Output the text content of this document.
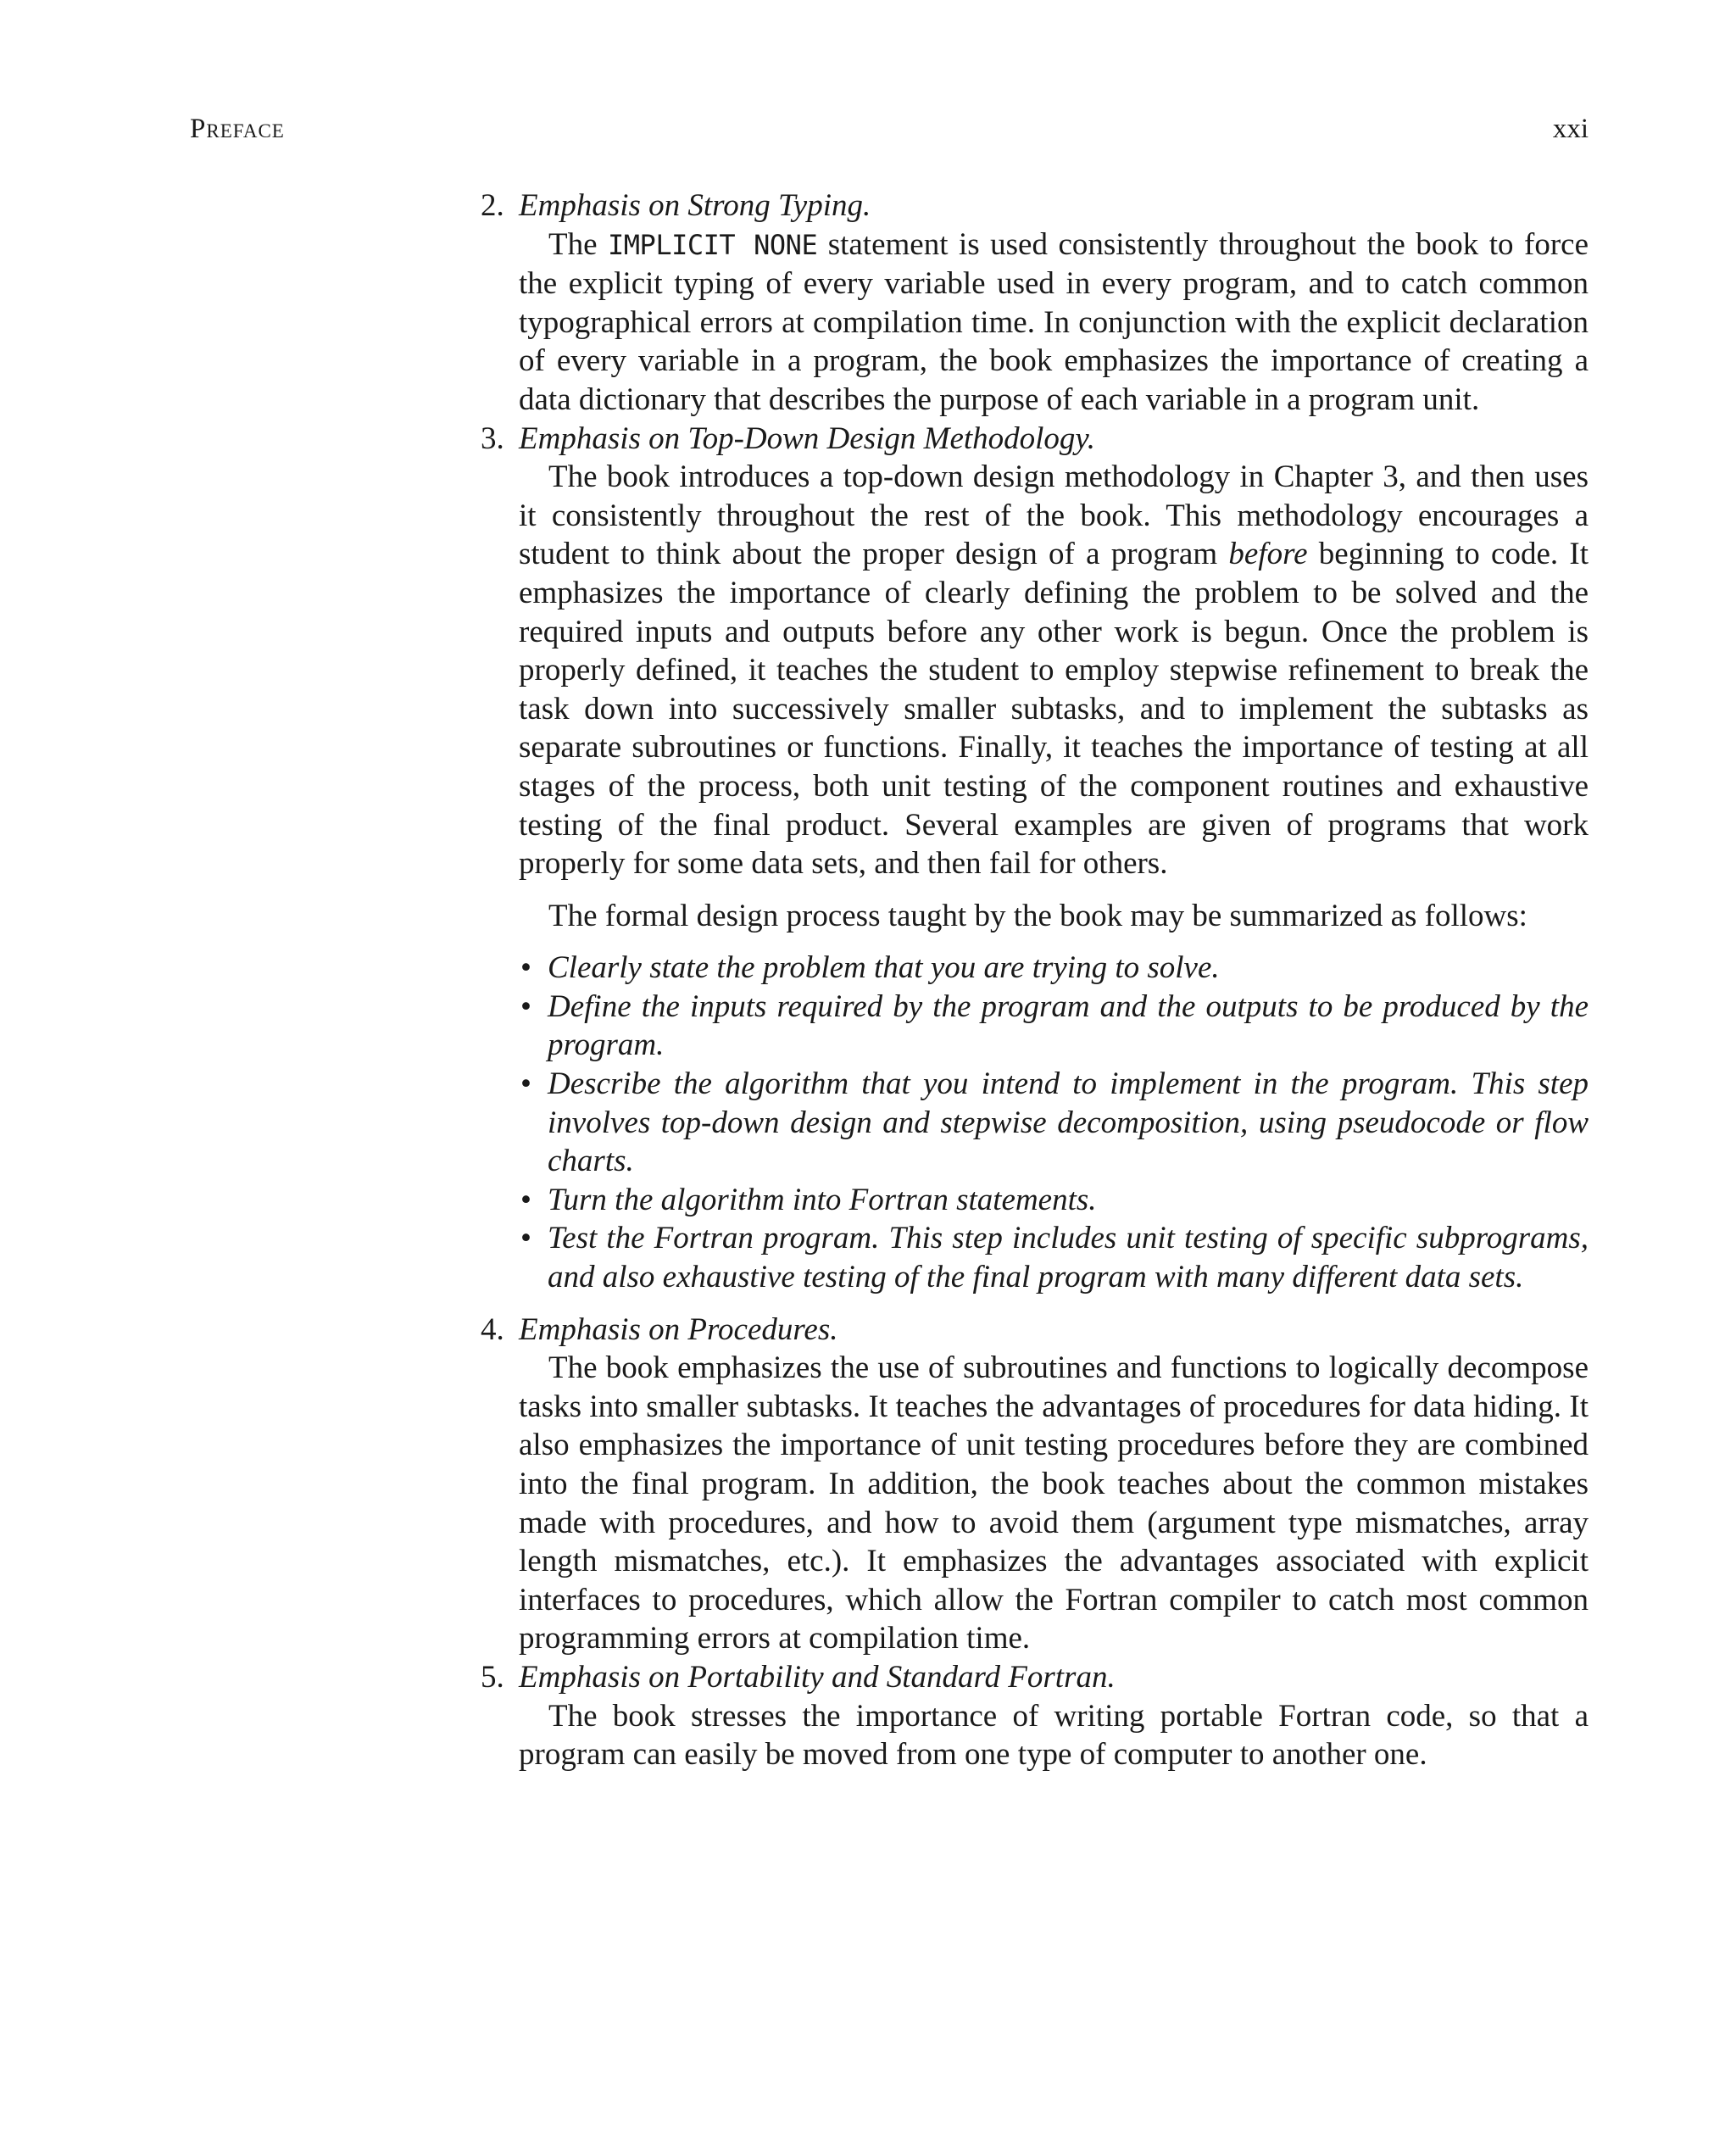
Preface	xxi
2. Emphasis on Strong Typing.

The IMPLICIT NONE statement is used consistently throughout the book to force the explicit typing of every variable used in every program, and to catch common typographical errors at compilation time. In conjunction with the explicit declaration of every variable in a program, the book emphasizes the importance of creating a data dictionary that describes the purpose of each variable in a program unit.

3. Emphasis on Top-Down Design Methodology.

The book introduces a top-down design methodology in Chapter 3, and then uses it consistently throughout the rest of the book. This methodology encourages a student to think about the proper design of a program before beginning to code. It emphasizes the importance of clearly defining the problem to be solved and the required inputs and outputs before any other work is begun. Once the problem is properly defined, it teaches the student to employ stepwise refinement to break the task down into successively smaller subtasks, and to implement the subtasks as separate subroutines or functions. Finally, it teaches the importance of testing at all stages of the process, both unit testing of the component routines and exhaustive testing of the final product. Several examples are given of programs that work properly for some data sets, and then fail for others.

The formal design process taught by the book may be summarized as follows:

• Clearly state the problem that you are trying to solve.
• Define the inputs required by the program and the outputs to be produced by the program.
• Describe the algorithm that you intend to implement in the program. This step involves top-down design and stepwise decomposition, using pseudocode or flow charts.
• Turn the algorithm into Fortran statements.
• Test the Fortran program. This step includes unit testing of specific subprograms, and also exhaustive testing of the final program with many different data sets.
4. Emphasis on Procedures.

The book emphasizes the use of subroutines and functions to logically decompose tasks into smaller subtasks. It teaches the advantages of procedures for data hiding. It also emphasizes the importance of unit testing procedures before they are combined into the final program. In addition, the book teaches about the common mistakes made with procedures, and how to avoid them (argument type mismatches, array length mismatches, etc.). It emphasizes the advantages associated with explicit interfaces to procedures, which allow the Fortran compiler to catch most common programming errors at compilation time.

5. Emphasis on Portability and Standard Fortran.

The book stresses the importance of writing portable Fortran code, so that a program can easily be moved from one type of computer to another one.
